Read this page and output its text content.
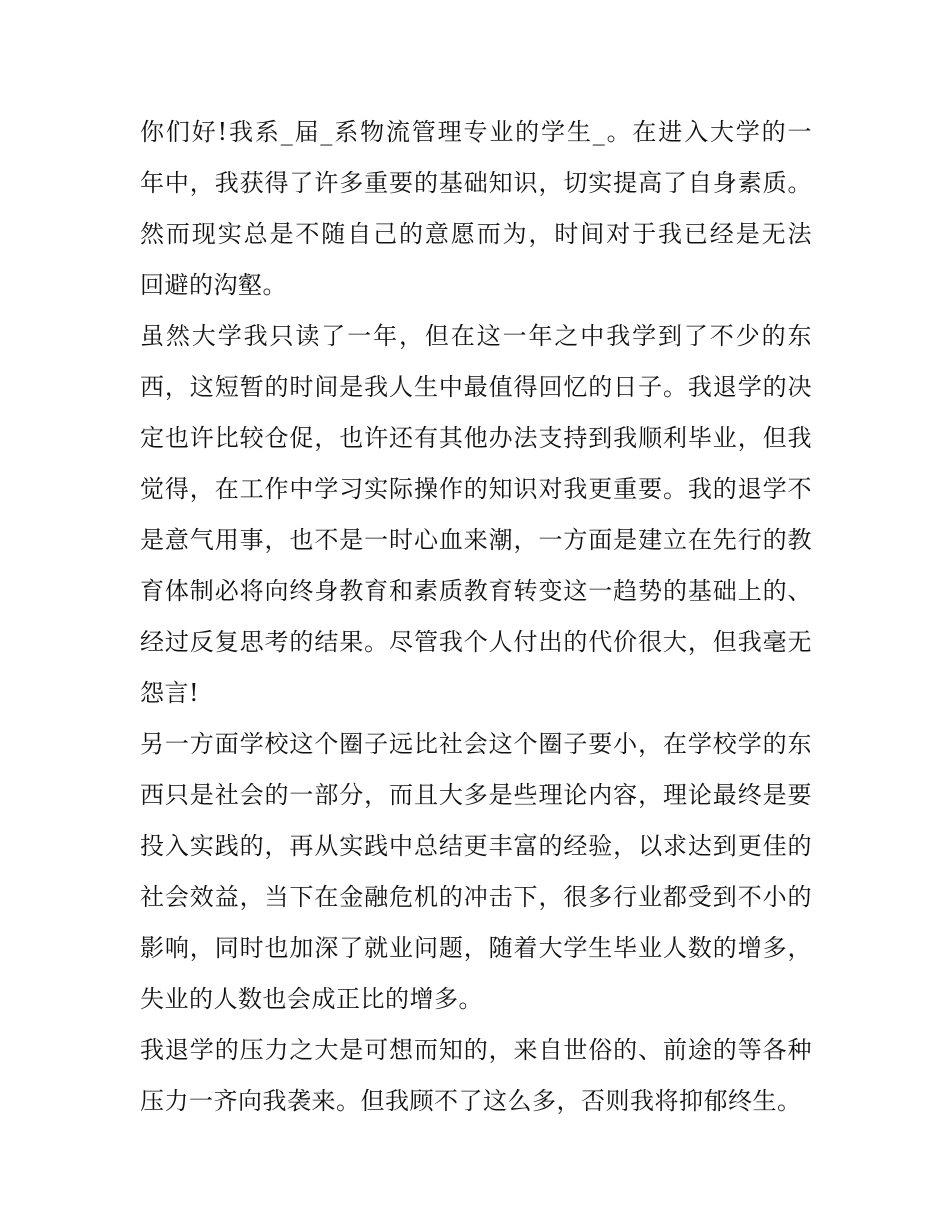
你们好!我系_届_系物流管理专业的学生_。在进入大学的一
年中，我获得了许多重要的基础知识，切实提高了自身素质。
然而现实总是不随自己的意愿而为，时间对于我已经是无法
回避的沟壑。

虽然大学我只读了一年，但在这一年之中我学到了不少的东
西，这短暂的时间是我人生中最值得回忆的日子。我退学的决
定也许比较仓促，也许还有其他办法支持到我顺利毕业，但我
觉得，在工作中学习实际操作的知识对我更重要。我的退学不
是意气用事，也不是一时心血来潮，一方面是建立在先行的教
育体制必将向终身教育和素质教育转变这一趋势的基础上的、
经过反复思考的结果。尽管我个人付出的代价很大，但我毫无
怨言!

另一方面学校这个圈子远比社会这个圈子要小，在学校学的东
西只是社会的一部分，而且大多是些理论内容，理论最终是要
投入实践的，再从实践中总结更丰富的经验，以求达到更佳的
社会效益，当下在金融危机的冲击下，很多行业都受到不小的
影响，同时也加深了就业问题，随着大学生毕业人数的增多，
失业的人数也会成正比的增多。

我退学的压力之大是可想而知的，来自世俗的、前途的等各种
压力一齐向我袭来。但我顾不了这么多，否则我将抑郁终生。
